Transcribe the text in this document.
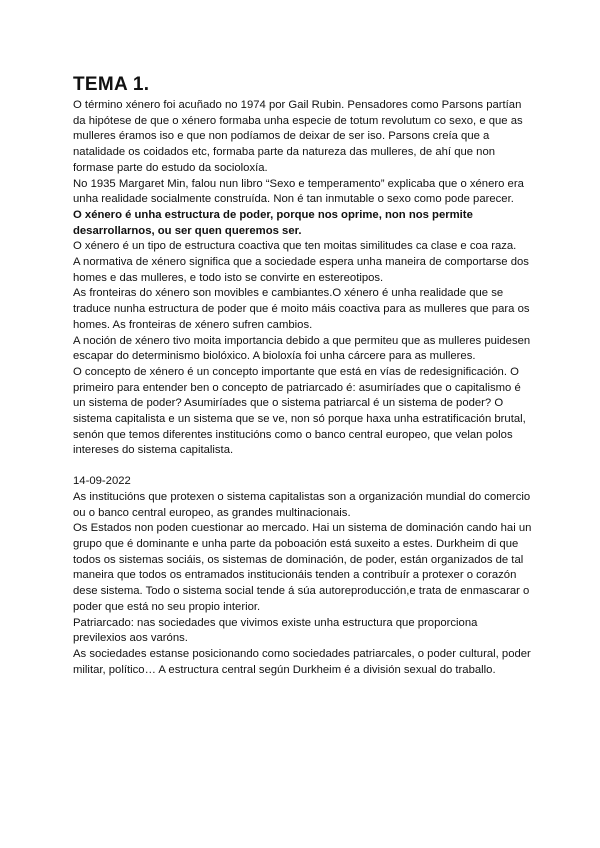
TEMA 1.

O término xénero foi acuñado no 1974 por Gail Rubin. Pensadores como Parsons partían da hipótese de que o xénero formaba unha especie de totum revolutum co sexo, e que as mulleres éramos iso e que non podíamos de deixar de ser iso. Parsons creía que a natalidade os coidados etc, formaba parte da natureza das mulleres, de ahí que non formase parte do estudo da socioloxía.

No 1935 Margaret Min, falou nun libro “Sexo e temperamento” explicaba que o xénero era unha realidade socialmente construída. Non é tan inmutable o sexo como pode parecer.

O xénero é unha estructura de poder, porque nos oprime, non nos permite desarrollarnos, ou ser quen queremos ser.

O xénero é un tipo de estructura coactiva que ten moitas similitudes ca clase e coa raza.

A normativa de xénero significa que a sociedade espera unha maneira de comportarse dos homes e das mulleres, e todo isto se convirte en estereotipos.

As fronteiras do xénero son movibles e cambiantes.O xénero é unha realidade que se traduce nunha estructura de poder que é moito máis coactiva para as mulleres que para os homes. As fronteiras de xénero sufren cambios.

A noción de xénero tivo moita importancia debido a que permiteu que as mulleres puidesen escapar do determinismo biolóxico. A bioloxía foi unha cárcere para as mulleres.

O concepto de xénero é un concepto importante que está en vías de redesignificación. O primeiro para entender ben o concepto de patriarcado é: asumiríades que o capitalismo é un sistema de poder? Asumiríades que o sistema patriarcal é un sistema de poder? O sistema capitalista e un sistema que se ve, non só porque haxa unha estratificación brutal, senón que temos diferentes institucións como o banco central europeo, que velan polos intereses do sistema capitalista.

14-09-2022

As institucións que protexen o sistema capitalistas son a organización mundial do comercio ou o banco central europeo, as grandes multinacionais.

Os Estados non poden cuestionar ao mercado. Hai un sistema de dominación cando hai un grupo que é dominante e unha parte da poboación está suxeito a estes. Durkheim di que todos os sistemas sociáis, os sistemas de dominación, de poder, están organizados de tal maneira que todos os entramados institucionáis tenden a contribuír a protexer o corazón dese sistema. Todo o sistema social tende á súa autoreproducción,e trata de enmascarar o poder que está no seu propio interior.

Patriarcado: nas sociedades que vivimos existe unha estructura que proporciona previlexios aos varóns.

As sociedades estanse posicionando como sociedades patriarcales, o poder cultural, poder militar, político… A estructura central según Durkheim é a división sexual do traballo.
